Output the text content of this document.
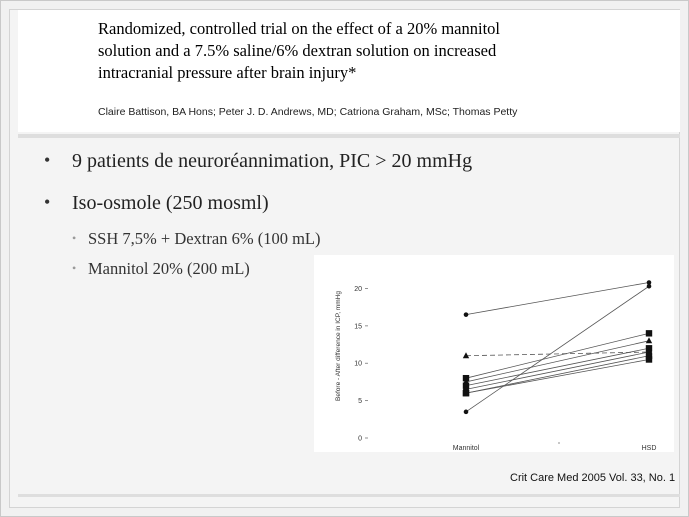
Randomized, controlled trial on the effect of a 20% mannitol
solution and a 7.5% saline/6% dextran solution on increased
intracranial pressure after brain injury*
Claire Battison, BA Hons; Peter J. D. Andrews, MD; Catriona Graham, MSc; Thomas Petty
• 9 patients de neuroréannimation, PIC > 20 mmHg
• Iso-osmole (250 mosml)
• SSH 7,5% + Dextran 6% (100 mL)
• Mannitol 20% (200 mL)
0
5
10
15
20
Mannitol	HSD
Before - After difference in ICP, mmHg
Crit Care Med 2005 Vol. 33, No. 1
